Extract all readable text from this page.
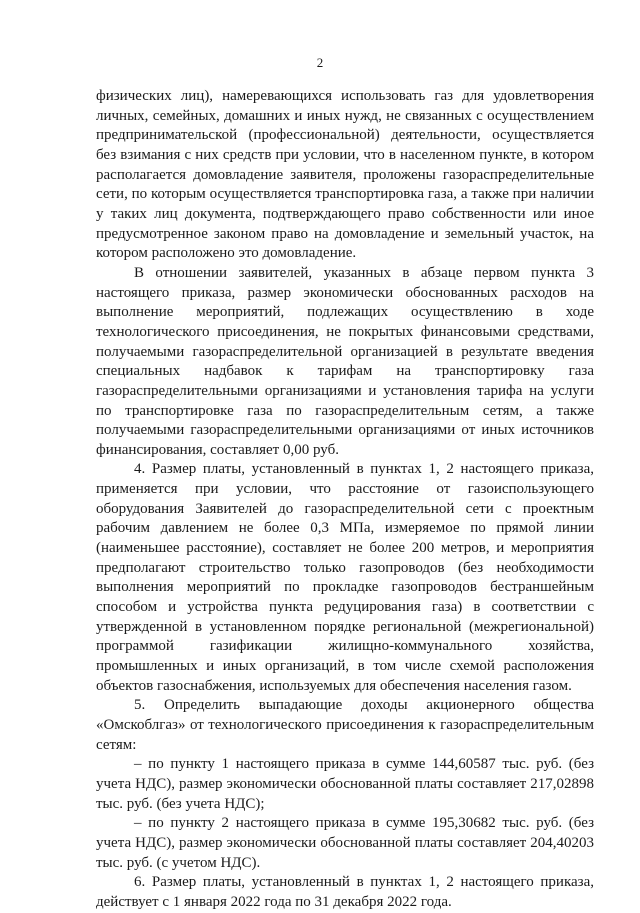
2

физических лиц), намеревающихся использовать газ для удовлетворения личных, семейных, домашних и иных нужд, не связанных с осуществлением предпринимательской (профессиональной) деятельности, осуществляется без взимания с них средств при условии, что в населенном пункте, в котором располагается домовладение заявителя, проложены газораспределительные сети, по которым осуществляется транспортировка газа, а также при наличии у таких лиц документа, подтверждающего право собственности или иное предусмотренное законом право на домовладение и земельный участок, на котором расположено это домовладение.

В отношении заявителей, указанных в абзаце первом пункта 3 настоящего приказа, размер экономически обоснованных расходов на выполнение мероприятий, подлежащих осуществлению в ходе технологического присоединения, не покрытых финансовыми средствами, получаемыми газораспределительной организацией в результате введения специальных надбавок к тарифам на транспортировку газа газораспределительными организациями и установления тарифа на услуги по транспортировке газа по газораспределительным сетям, а также получаемыми газораспределительными организациями от иных источников финансирования, составляет 0,00 руб.

4. Размер платы, установленный в пунктах 1, 2 настоящего приказа, применяется при условии, что расстояние от газоиспользующего оборудования Заявителей до газораспределительной сети с проектным рабочим давлением не более 0,3 МПа, измеряемое по прямой линии (наименьшее расстояние), составляет не более 200 метров, и мероприятия предполагают строительство только газопроводов (без необходимости выполнения мероприятий по прокладке газопроводов бестраншейным способом и устройства пункта редуцирования газа) в соответствии с утвержденной в установленном порядке региональной (межрегиональной) программой газификации жилищно-коммунального хозяйства, промышленных и иных организаций, в том числе схемой расположения объектов газоснабжения, используемых для обеспечения населения газом.

5. Определить выпадающие доходы акционерного общества «Омскоблгаз» от технологического присоединения к газораспределительным сетям:

– по пункту 1 настоящего приказа в сумме 144,60587 тыс. руб. (без учета НДС), размер экономически обоснованной платы составляет 217,02898 тыс. руб. (без учета НДС);

– по пункту 2 настоящего приказа в сумме 195,30682 тыс. руб. (без учета НДС), размер экономически обоснованной платы составляет 204,40203 тыс. руб. (с учетом НДС).

6. Размер платы, установленный в пунктах 1, 2 настоящего приказа, действует с 1 января 2022 года по 31 декабря 2022 года.
